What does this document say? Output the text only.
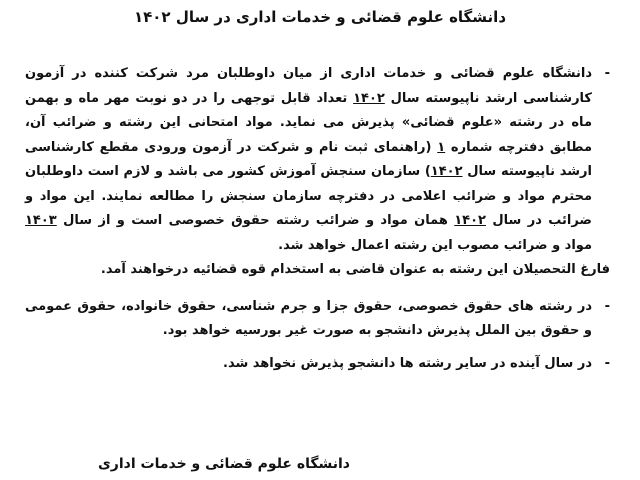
دانشگاه علوم قضائی و خدمات اداری در سال ۱۴۰۲

-
دانشگاه علوم قضائی و خدمات اداری از میان داوطلبان مرد شرکت کننده در آزمون کارشناسی ارشد ناپیوسته سال ۱۴۰۲ تعداد قابل توجهی را در دو نوبت مهر ماه و بهمن ماه در رشته «علوم قضائی» پذیرش می نماید. مواد امتحانی این رشته و ضرائب آن، مطابق دفترچه شماره ۱ (راهنمای ثبت نام و شرکت در آزمون ورودی مقطع کارشناسی ارشد ناپیوسته سال ۱۴۰۲) سازمان سنجش آموزش کشور می باشد و لازم است داوطلبان محترم مواد و ضرائب اعلامی در دفترچه سازمان سنجش را مطالعه نمایند. این مواد و ضرائب در سال ۱۴۰۲ همان مواد و ضرائب رشته حقوق خصوصی است و از سال ۱۴۰۳ مواد و ضرائب مصوب این رشته اعمال خواهد شد.

فارغ التحصیلان این رشته به عنوان قاضی به استخدام قوه قضائیه درخواهند آمد.

-
در رشته های حقوق خصوصی، حقوق جزا و جرم شناسی، حقوق خانواده، حقوق عمومی و حقوق بین الملل پذیرش دانشجو به صورت غیر بورسیه خواهد بود.

-
در سال آینده در سایر رشته ها دانشجو پذیرش نخواهد شد.

دانشگاه علوم قضائی و خدمات اداری
